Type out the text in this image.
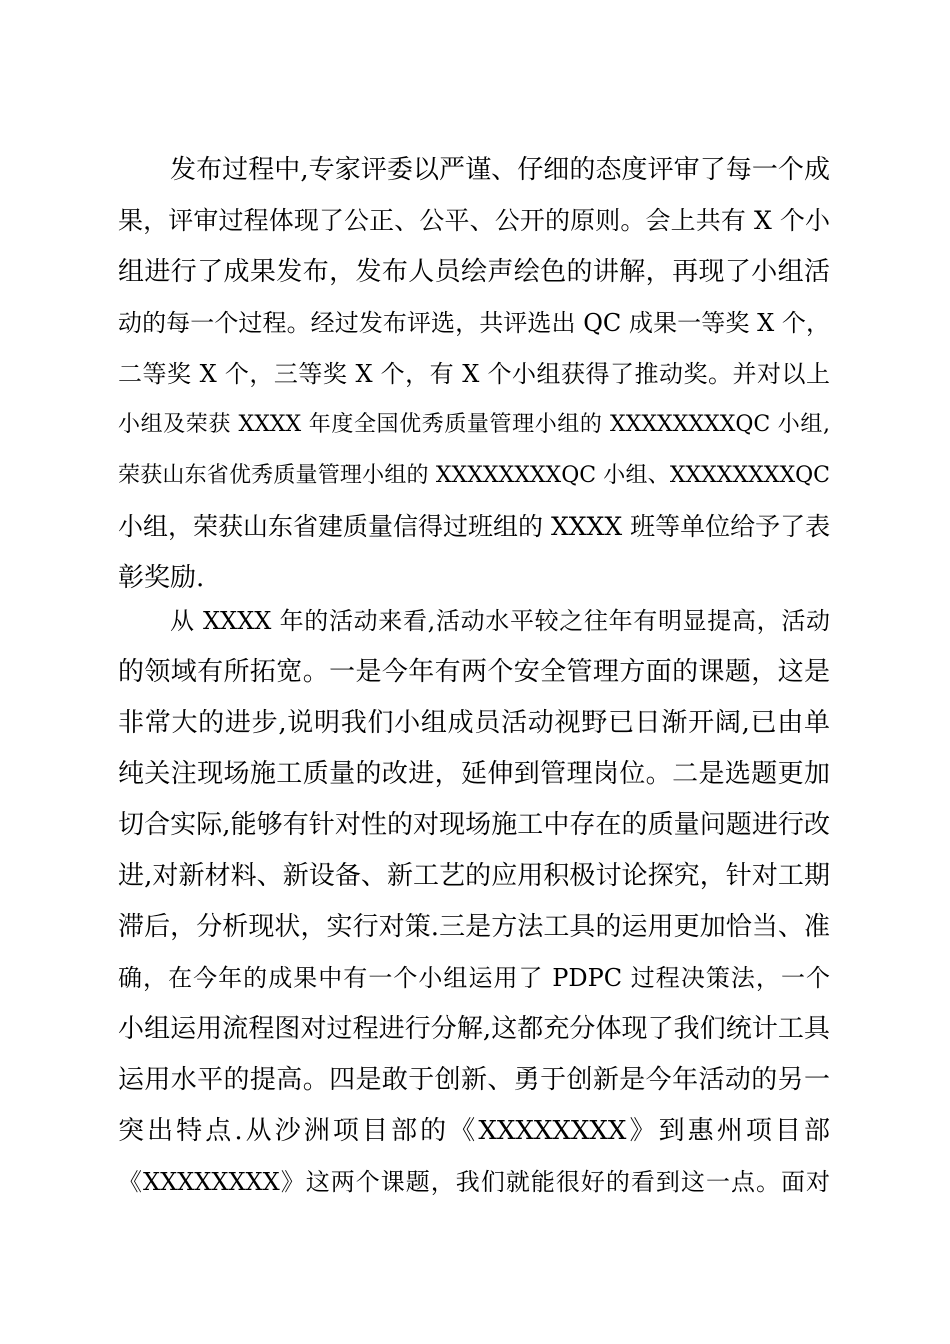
发布过程中,专家评委以严谨、仔细的态度评审了每一个成
果，评审过程体现了公正、公平、公开的原则。会上共有 X 个小
组进行了成果发布，发布人员绘声绘色的讲解，再现了小组活
动的每一个过程。经过发布评选，共评选出 QC 成果一等奖 X 个，
二等奖 X 个，三等奖 X 个，有 X 个小组获得了推动奖。并对以上
小组及荣获 XXXX 年度全国优秀质量管理小组的 XXXXXXXXQC 小组,
荣获山东省优秀质量管理小组的 XXXXXXXXQC 小组、XXXXXXXXQC
小组，荣获山东省建质量信得过班组的 XXXX 班等单位给予了表
彰奖励.
从 XXXX 年的活动来看,活动水平较之往年有明显提高，活动
的领域有所拓宽。一是今年有两个安全管理方面的课题，这是
非常大的进步,说明我们小组成员活动视野已日渐开阔,已由单
纯关注现场施工质量的改进，延伸到管理岗位。二是选题更加
切合实际,能够有针对性的对现场施工中存在的质量问题进行改
进,对新材料、新设备、新工艺的应用积极讨论探究，针对工期
滞后，分析现状，实行对策.三是方法工具的运用更加恰当、准
确，在今年的成果中有一个小组运用了 PDPC 过程决策法，一个
小组运用流程图对过程进行分解,这都充分体现了我们统计工具
运用水平的提高。四是敢于创新、勇于创新是今年活动的另一
突出特点.从沙洲项目部的《XXXXXXXX》到惠州项目部
《XXXXXXXX》这两个课题，我们就能很好的看到这一点。面对
